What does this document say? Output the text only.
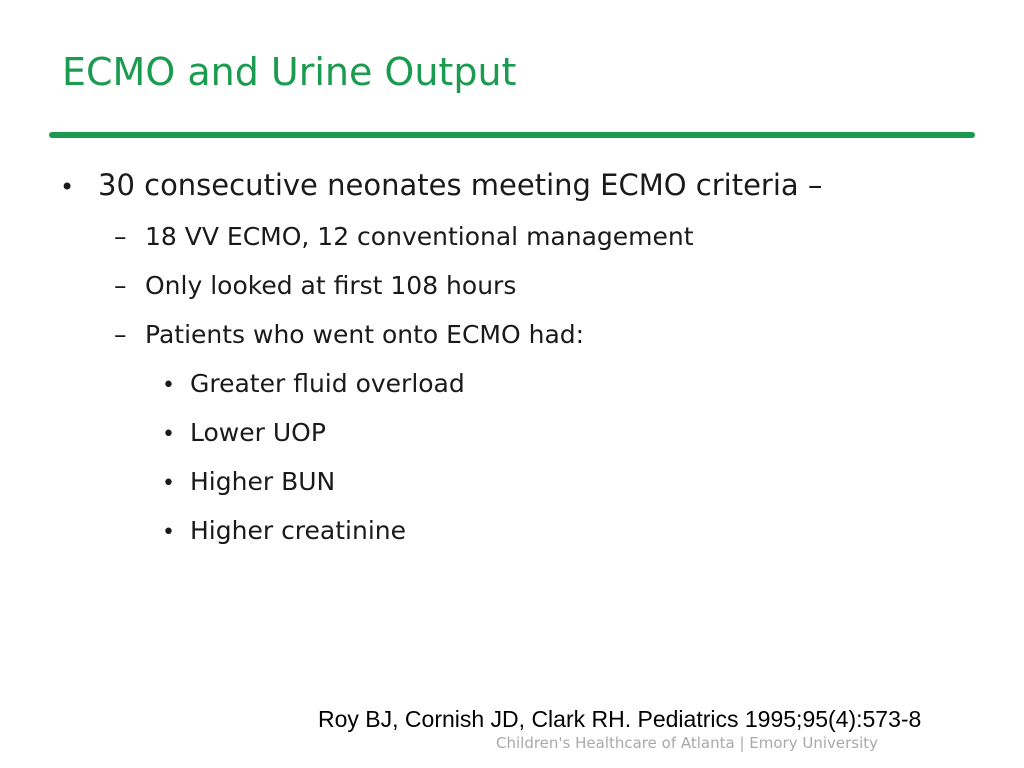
ECMO and Urine Output
• 30 consecutive neonates meeting ECMO criteria –
– 18 VV ECMO, 12 conventional management
– Only looked at first 108 hours
– Patients who went onto ECMO had:
• Greater fluid overload
• Lower UOP
• Higher BUN
• Higher creatinine
Roy BJ, Cornish JD, Clark RH. Pediatrics 1995;95(4):573-8
Children's Healthcare of Atlanta | Emory University
